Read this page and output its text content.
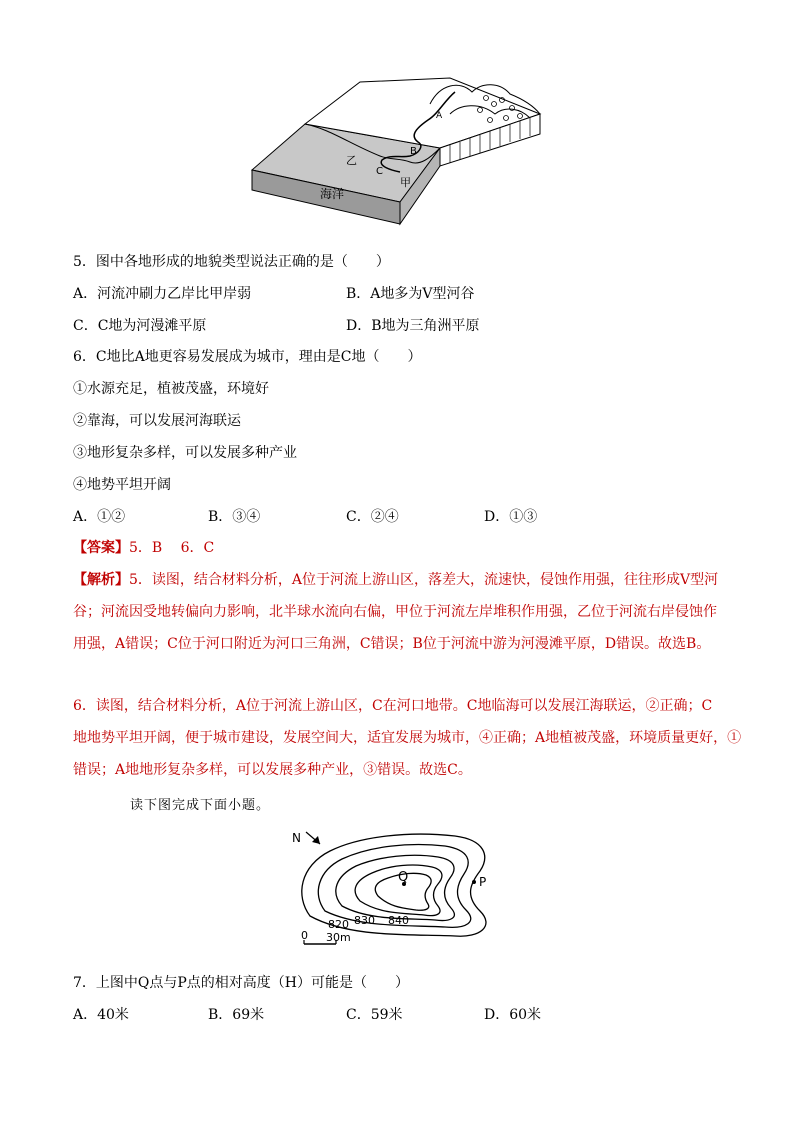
A
B
C
乙
甲
海洋
5．图中各地形成的地貌类型说法正确的是（　　）
A．河流冲刷力乙岸比甲岸弱	B．A地多为V型河谷
C．C地为河漫滩平原	D．B地为三角洲平原
6．C地比A地更容易发展成为城市，理由是C地（　　）
①水源充足，植被茂盛，环境好
②靠海，可以发展河海联运
③地形复杂多样，可以发展多种产业
④地势平坦开阔
A．①②	B．③④	C．②④	D．①③
【答案】5．B　 6．C
【解析】5．读图，结合材料分析，A位于河流上游山区，落差大，流速快，侵蚀作用强，往往形成V型河
谷；河流因受地转偏向力影响，北半球水流向右偏，甲位于河流左岸堆积作用强，乙位于河流右岸侵蚀作
用强，A错误；C位于河口附近为河口三角洲，C错误；B位于河流中游为河漫滩平原，D错误。故选B。
6．读图，结合材料分析，A位于河流上游山区，C在河口地带。C地临海可以发展江海联运，②正确；C
地地势平坦开阔，便于城市建设，发展空间大，适宜发展为城市，④正确；A地植被茂盛，环境质量更好，①
错误；A地地形复杂多样，可以发展多种产业，③错误。故选C。
读下图完成下面小题。
N
Q	P
820 830 840
0 30m
7．上图中Q点与P点的相对高度（H）可能是（　　）
A．40米	B．69米	C．59米	D．60米
